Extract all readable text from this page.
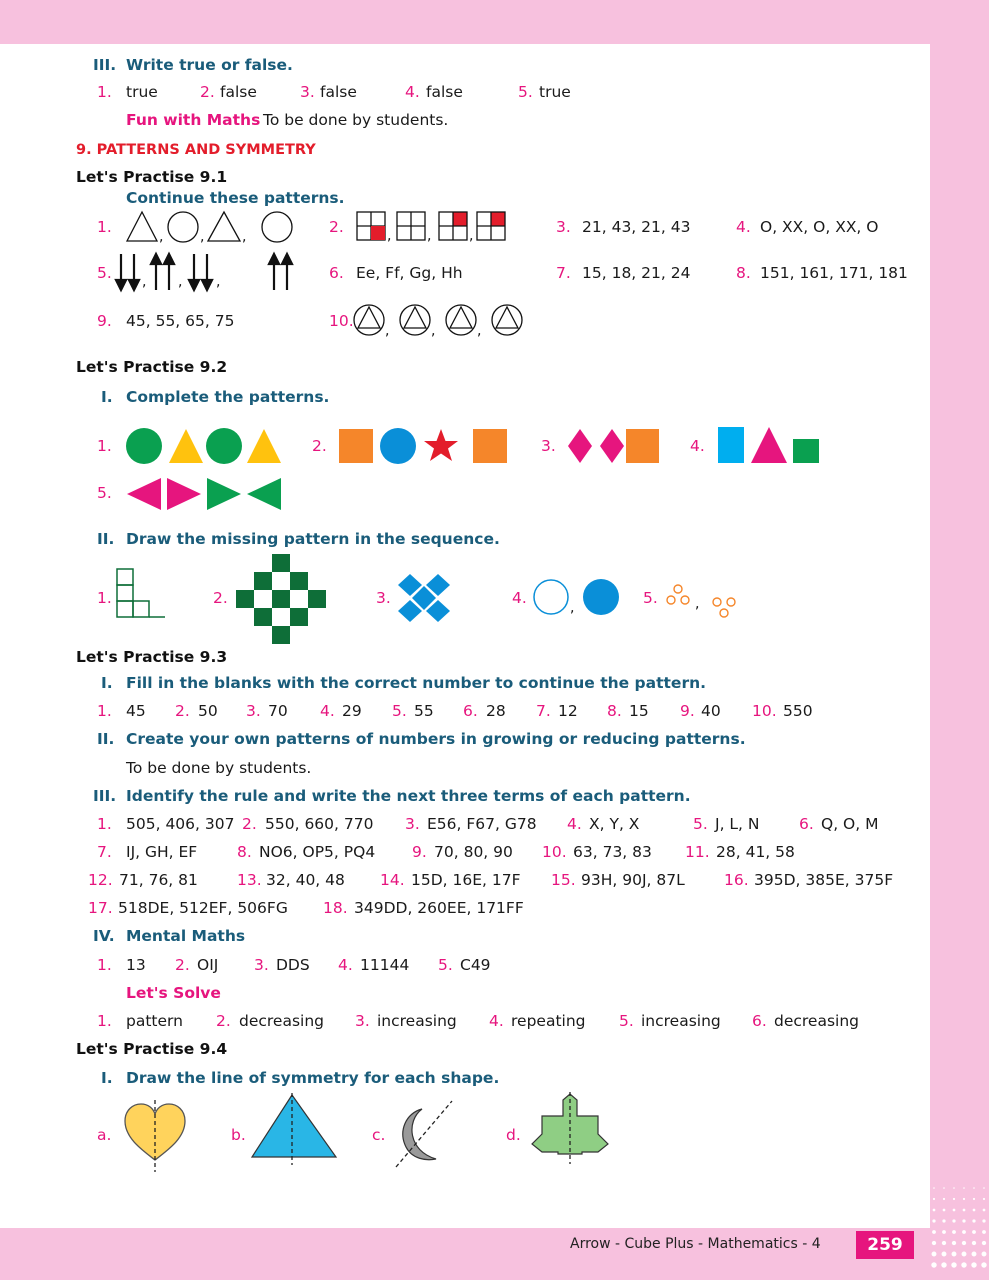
III. Write true or false.
1. true	2. false	3. false	4. false	5. true
Fun with Maths To be done by students.
9. PATTERNS AND SYMMETRY
Let's Practise 9.1
Continue these patterns.
1.
,	,	,
2.	,	,	,	3. 21, 43, 21, 43	4. O, XX, O, XX, O
5. , , ,	6. Ee, Ff, Gg, Hh	7. 15, 18, 21, 24	8. 151, 161, 171, 181
9. 45, 55, 65, 75	10.
,	,	,
Let's Practise 9.2
I. Complete the patterns.
1.	2.	3.	4.
5.
II. Draw the missing pattern in the sequence.
1.	2.	3.	4.
,
5.	,
Let's Practise 9.3
I. Fill in the blanks with the correct number to continue the pattern.
1. 45 2. 50 3. 70 4. 29 5. 55 6. 28 7. 12 8. 15 9. 40 10. 550
II. Create your own patterns of numbers in growing or reducing patterns.
To be done by students.
III. Identify the rule and write the next three terms of each pattern.
1. 505, 406, 307 2. 550, 660, 770 3. E56, F67, G78 4. X, Y, X	5. J, L, N	6. Q, O, M
7. IJ, GH, EF	8. NO6, OP5, PQ4 9. 70, 80, 90 10. 63, 73, 83 11. 28, 41, 58
12. 71, 76, 81	13. 32, 40, 48 14. 15D, 16E, 17F 15. 93H, 90J, 87L	16. 395D, 385E, 375F
17. 518DE, 512EF, 506FG 18. 349DD, 260EE, 171FF
IV. Mental Maths
1. 13 2. OIJ 3. DDS 4. 11144 5. C49
Let's Solve
1. pattern 2. decreasing 3. increasing 4. repeating 5. increasing 6. decreasing
Let's Practise 9.4
I. Draw the line of symmetry for each shape.
a.	b.	c.	d.
Arrow - Cube Plus - Mathematics - 4	259
